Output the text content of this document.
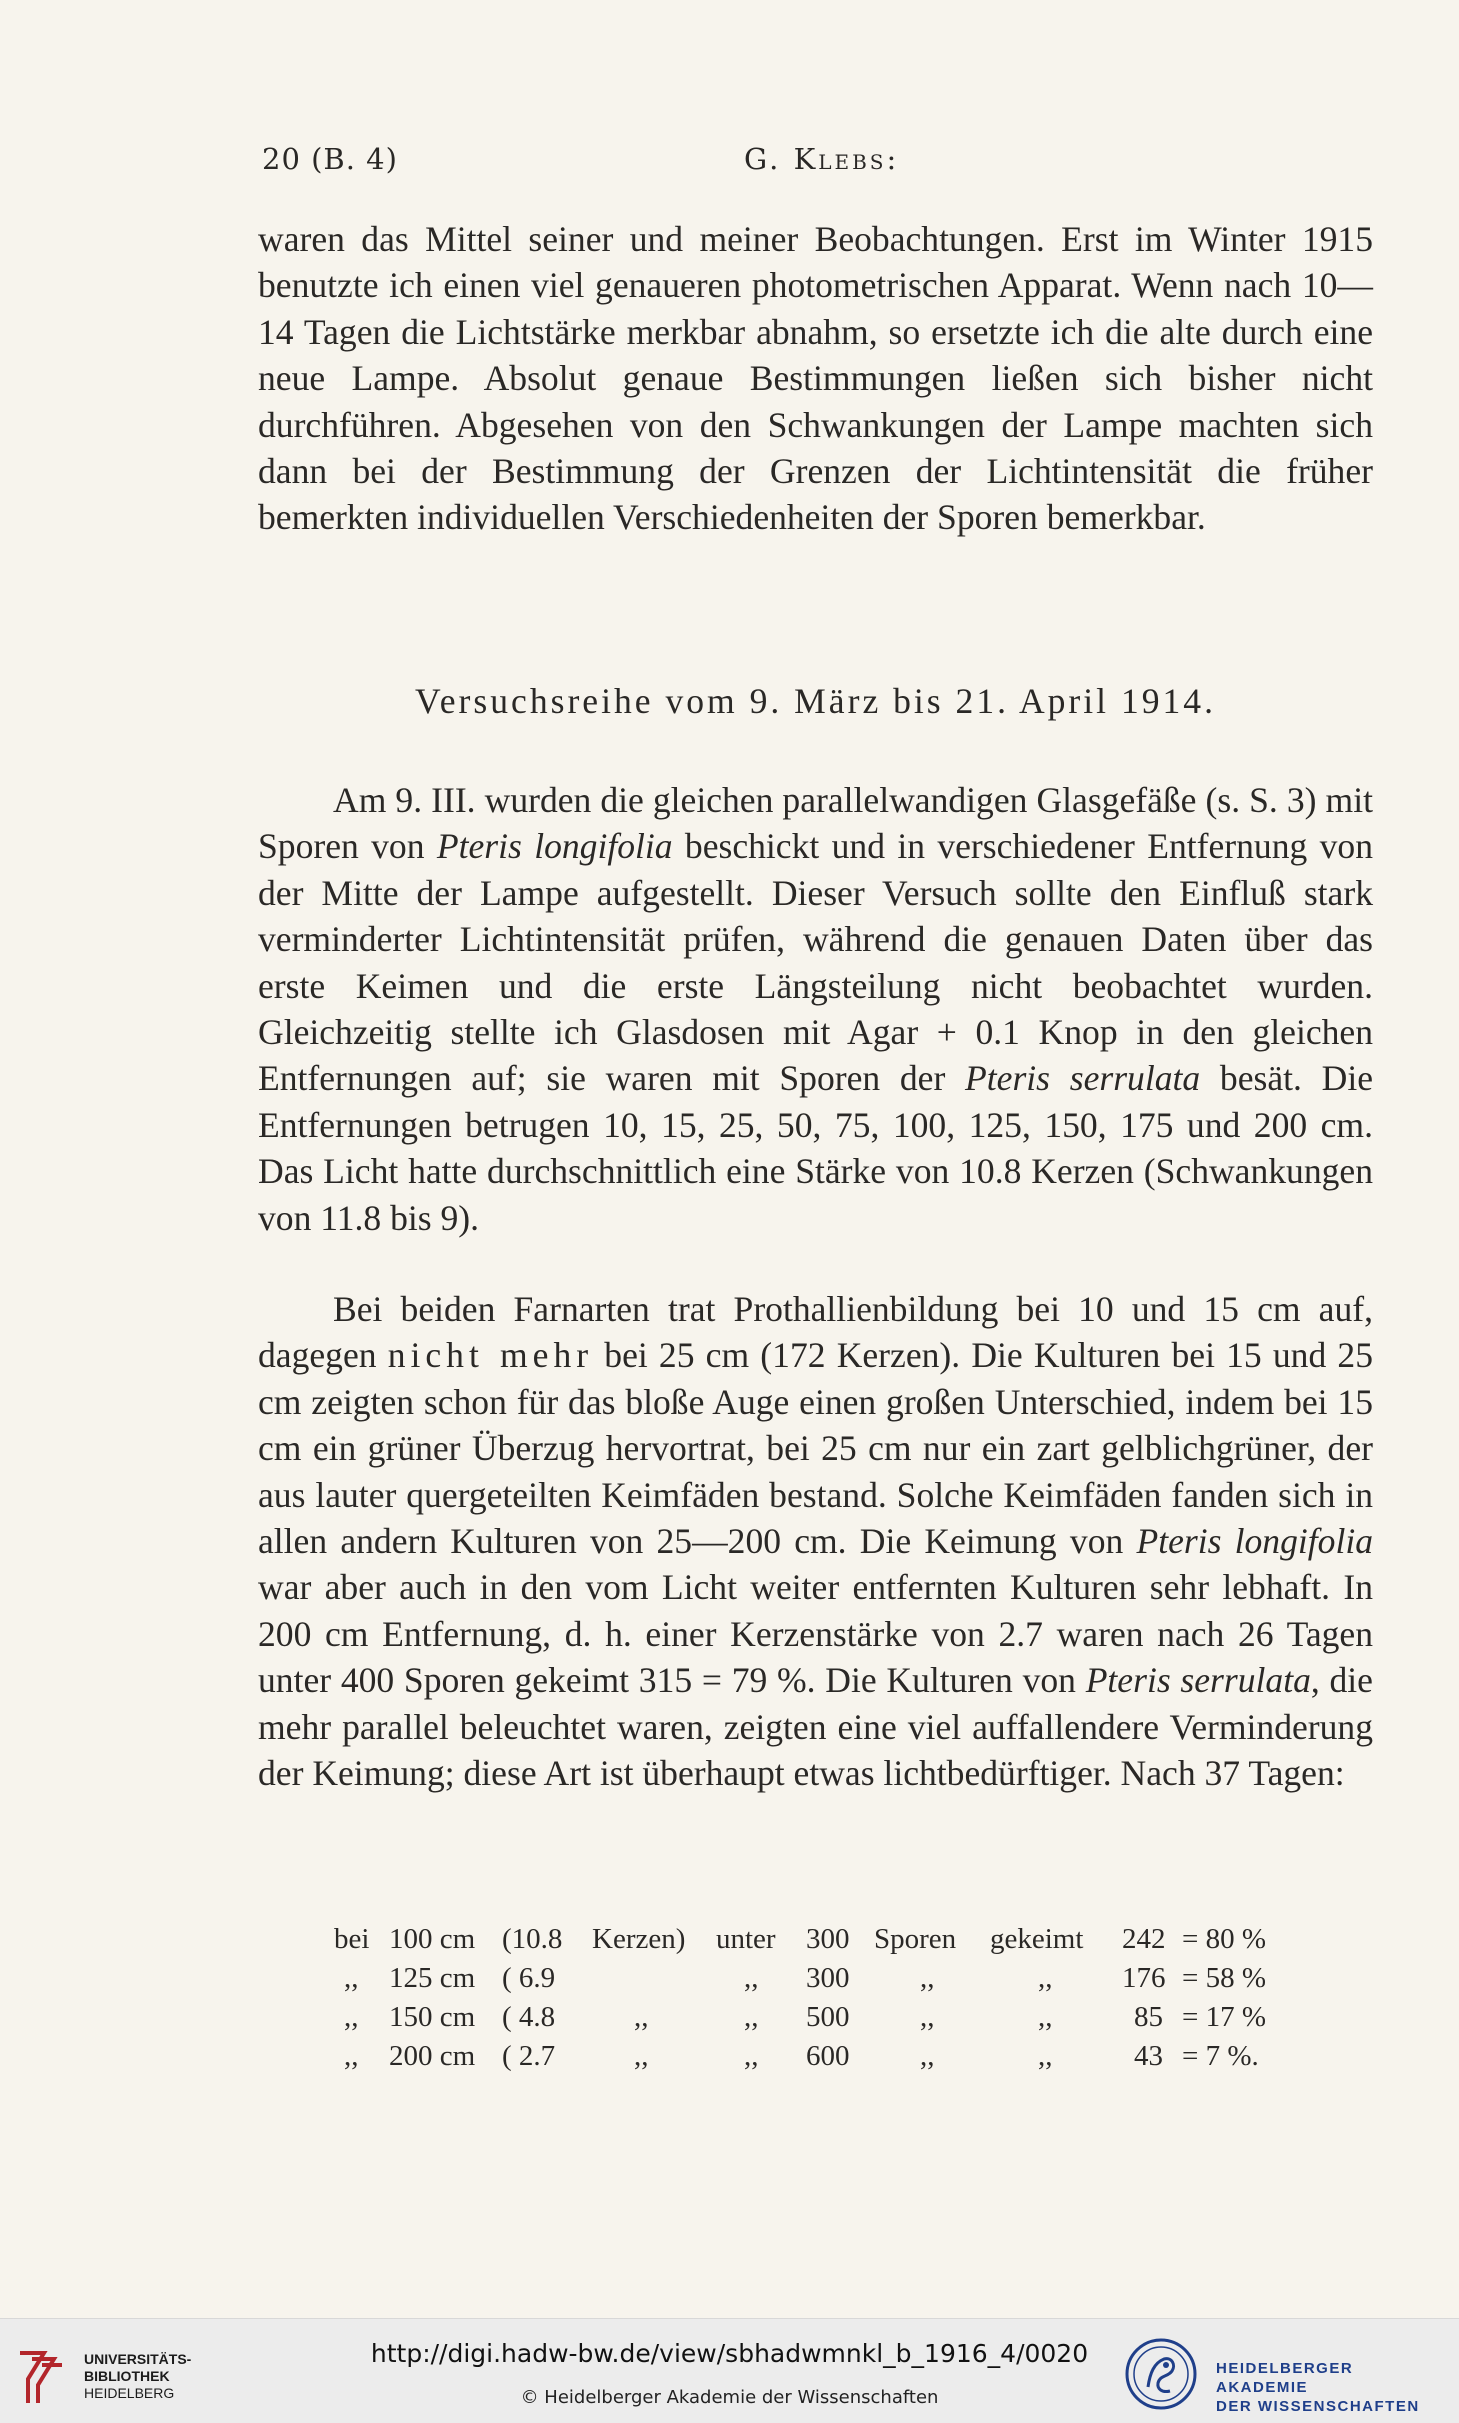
20 (B. 4)	G. Klebs:

waren das Mittel seiner und meiner Beobachtungen. Erst im Winter 1915 benutzte ich einen viel genaueren photometrischen Apparat. Wenn nach 10—14 Tagen die Lichtstärke merkbar abnahm, so ersetzte ich die alte durch eine neue Lampe. Absolut genaue Bestimmungen ließen sich bisher nicht durchführen. Abgesehen von den Schwankungen der Lampe machten sich dann bei der Bestimmung der Grenzen der Lichtintensität die früher bemerkten individuellen Verschiedenheiten der Sporen bemerkbar.

Versuchsreihe vom 9. März bis 21. April 1914.

Am 9. III. wurden die gleichen parallelwandigen Glasgefäße (s. S. 3) mit Sporen von Pteris longifolia beschickt und in verschiedener Entfernung von der Mitte der Lampe aufgestellt. Dieser Versuch sollte den Einfluß stark verminderter Lichtintensität prüfen, während die genauen Daten über das erste Keimen und die erste Längsteilung nicht beobachtet wurden. Gleichzeitig stellte ich Glasdosen mit Agar + 0.1 Knop in den gleichen Entfernungen auf; sie waren mit Sporen der Pteris serrulata besät. Die Entfernungen betrugen 10, 15, 25, 50, 75, 100, 125, 150, 175 und 200 cm. Das Licht hatte durchschnittlich eine Stärke von 10.8 Kerzen (Schwankungen von 11.8 bis 9).

Bei beiden Farnarten trat Prothallienbildung bei 10 und 15 cm auf, dagegen nicht mehr bei 25 cm (172 Kerzen). Die Kulturen bei 15 und 25 cm zeigten schon für das bloße Auge einen großen Unterschied, indem bei 15 cm ein grüner Überzug hervortrat, bei 25 cm nur ein zart gelblichgrüner, der aus lauter quergeteilten Keimfäden bestand. Solche Keimfäden fanden sich in allen andern Kulturen von 25—200 cm. Die Keimung von Pteris longifolia war aber auch in den vom Licht weiter entfernten Kulturen sehr lebhaft. In 200 cm Entfernung, d. h. einer Kerzenstärke von 2.7 waren nach 26 Tagen unter 400 Sporen gekeimt 315 = 79 %. Die Kulturen von Pteris serrulata, die mehr parallel beleuchtet waren, zeigten eine viel auffallendere Verminderung der Keimung; diese Art ist überhaupt etwas lichtbedürftiger. Nach 37 Tagen:

bei 100 cm (10.8 Kerzen) unter 300 Sporen gekeimt 242 = 80 %
,, 125 cm ( 6.9	,, 300 ,,	,, 176 = 58 %
,, 150 cm ( 4.8	,,	,, 500 ,,	,,	85 = 17 %
,, 200 cm ( 2.7	,,	,, 600 ,,	,,	43 = 7 %.
UNIVERSITÄTS-
BIBLIOTHEK
HEIDELBERG
http://digi.hadw-bw.de/view/sbhadwmnkl_b_1916_4/0020
© Heidelberger Akademie der Wissenschaften
HEIDELBERGER AKADEMIE
DER WISSENSCHAFTEN
